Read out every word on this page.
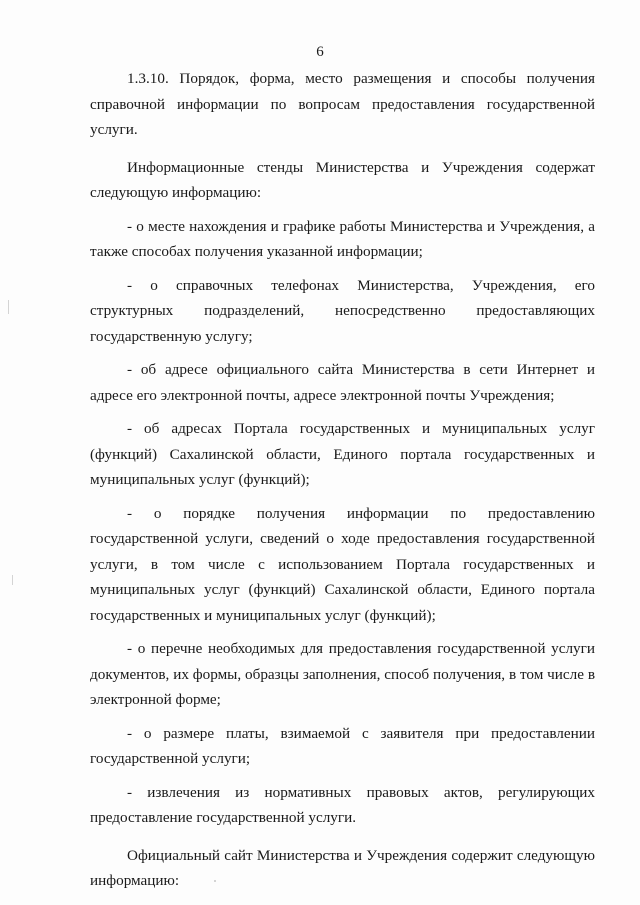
6

1.3.10. Порядок, форма, место размещения и способы получения справочной информации по вопросам предоставления государственной услуги.

Информационные стенды Министерства и Учреждения содержат следующую информацию:

- о месте нахождения и графике работы Министерства и Учреждения, а также способах получения указанной информации;

- о справочных телефонах Министерства, Учреждения, его структурных подразделений, непосредственно предоставляющих государственную услугу;

- об адресе официального сайта Министерства в сети Интернет и адресе его электронной почты, адресе электронной почты Учреждения;

- об адресах Портала государственных и муниципальных услуг (функций) Сахалинской области, Единого портала государственных и муниципальных услуг (функций);

- о порядке получения информации по предоставлению государственной услуги, сведений о ходе предоставления государственной услуги, в том числе с использованием Портала государственных и муниципальных услуг (функций) Сахалинской области, Единого портала государственных и муниципальных услуг (функций);

- о перечне необходимых для предоставления государственной услуги документов, их формы, образцы заполнения, способ получения, в том числе в электронной форме;

- о размере платы, взимаемой с заявителя при предоставлении государственной услуги;

- извлечения из нормативных правовых актов, регулирующих предоставление государственной услуги.

Официальный сайт Министерства и Учреждения содержит следующую информацию:
